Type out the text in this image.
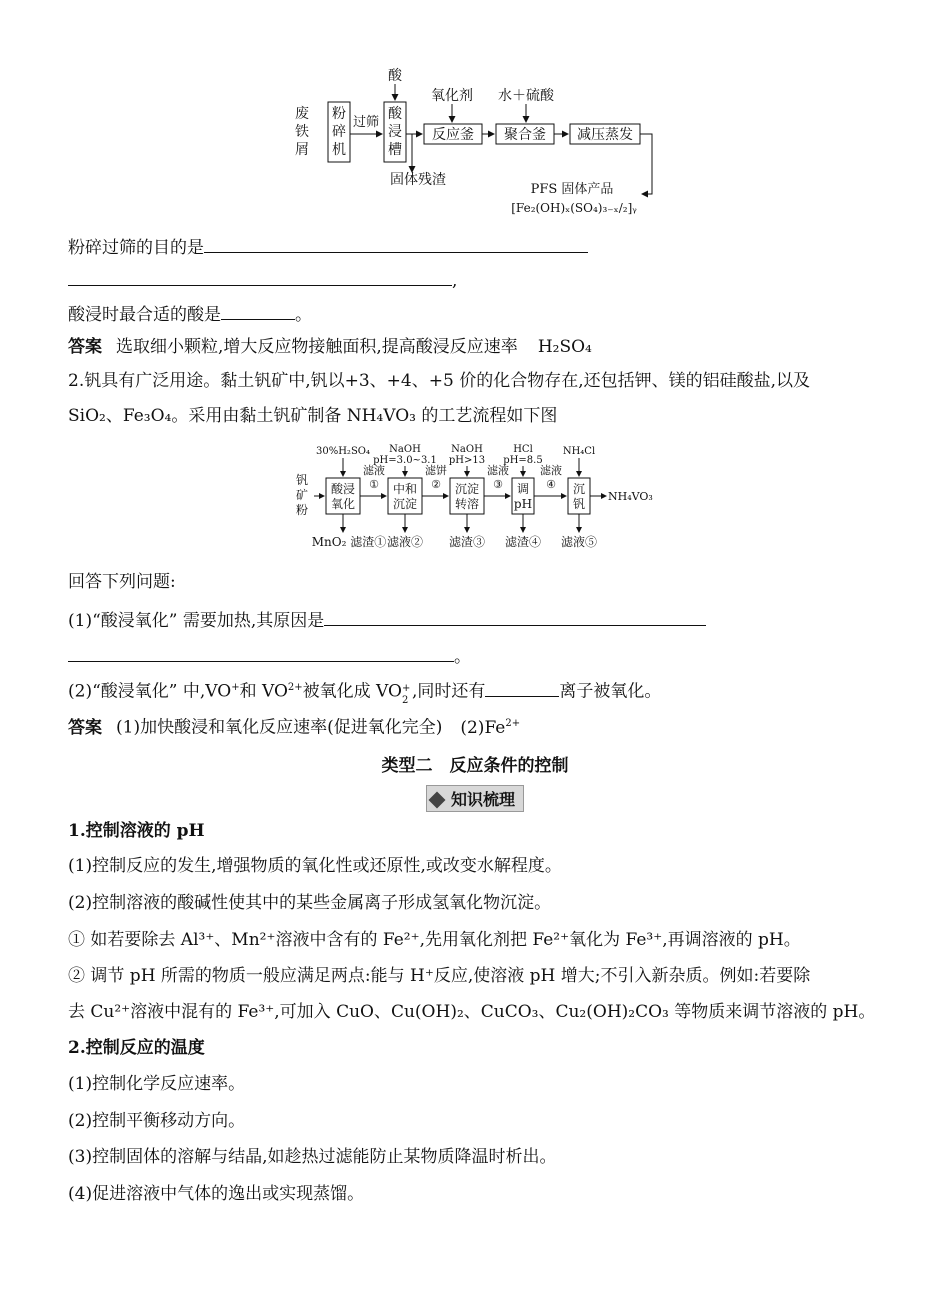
废铁屑
粉碎机
过筛
酸
酸浸槽
固体残渣
氧化剂
反应釜
水＋硫酸
聚合釜 减压蒸发
PFS 固体产品
[Fe₂(OH)ₓ(SO₄)₃₋ₓ/₂]ᵧ
粉碎过筛的目的是
,
酸浸时最合适的酸是	。
答案 选取细小颗粒,增大反应物接触面积,提高酸浸反应速率 H₂SO₄
2.钒具有广泛用途。黏土钒矿中,钒以+3、+4、+5 价的化合物存在,还包括钾、镁的铝硅酸盐,以及
SiO₂、Fe₃O₄。采用由黏土钒矿制备 NH₄VO₃ 的工艺流程如下图
钒矿粉
酸浸氧化
30%H₂SO₄
MnO₂ 滤渣①
滤液 ①	中和沉淀
NaOH pH=3.0~3.1
滤液②
滤饼 ②	沉淀转溶
NaOH pH>13
滤渣③
滤液 ③	调 pH
HCl pH=8.5
滤渣④
滤液 ④	沉钒
NH₄Cl
滤液⑤
NH₄VO₃
回答下列问题:
(1)“酸浸氧化” 需要加热,其原因是
。
(2)“酸浸氧化” 中,VO+和 $VO^{2+}$被氧化成 VO +
2 ,同时还有	离子被氧化。
答案 (1)加快酸浸和氧化反应速率(促进氧化完全) $(2)Fe^{2+}$
类型二　反应条件的控制
知识梳理
1.控制溶液的 pH
(1)控制反应的发生,增强物质的氧化性或还原性,或改变水解程度。
(2)控制溶液的酸碱性使其中的某些金属离子形成氢氧化物沉淀。
① 如若要除去 Al³⁺、Mn²⁺溶液中含有的 Fe²⁺,先用氧化剂把 Fe²⁺氧化为 Fe³⁺,再调溶液的 pH。
② 调节 pH 所需的物质一般应满足两点:能与 H⁺反应,使溶液 pH 增大;不引入新杂质。例如:若要除
去 Cu²⁺溶液中混有的 Fe³⁺,可加入 CuO、Cu(OH)₂、CuCO₃、Cu₂(OH)₂CO₃ 等物质来调节溶液的 pH。
2.控制反应的温度
(1)控制化学反应速率。
(2)控制平衡移动方向。
(3)控制固体的溶解与结晶,如趁热过滤能防止某物质降温时析出。
(4)促进溶液中气体的逸出或实现蒸馏。
